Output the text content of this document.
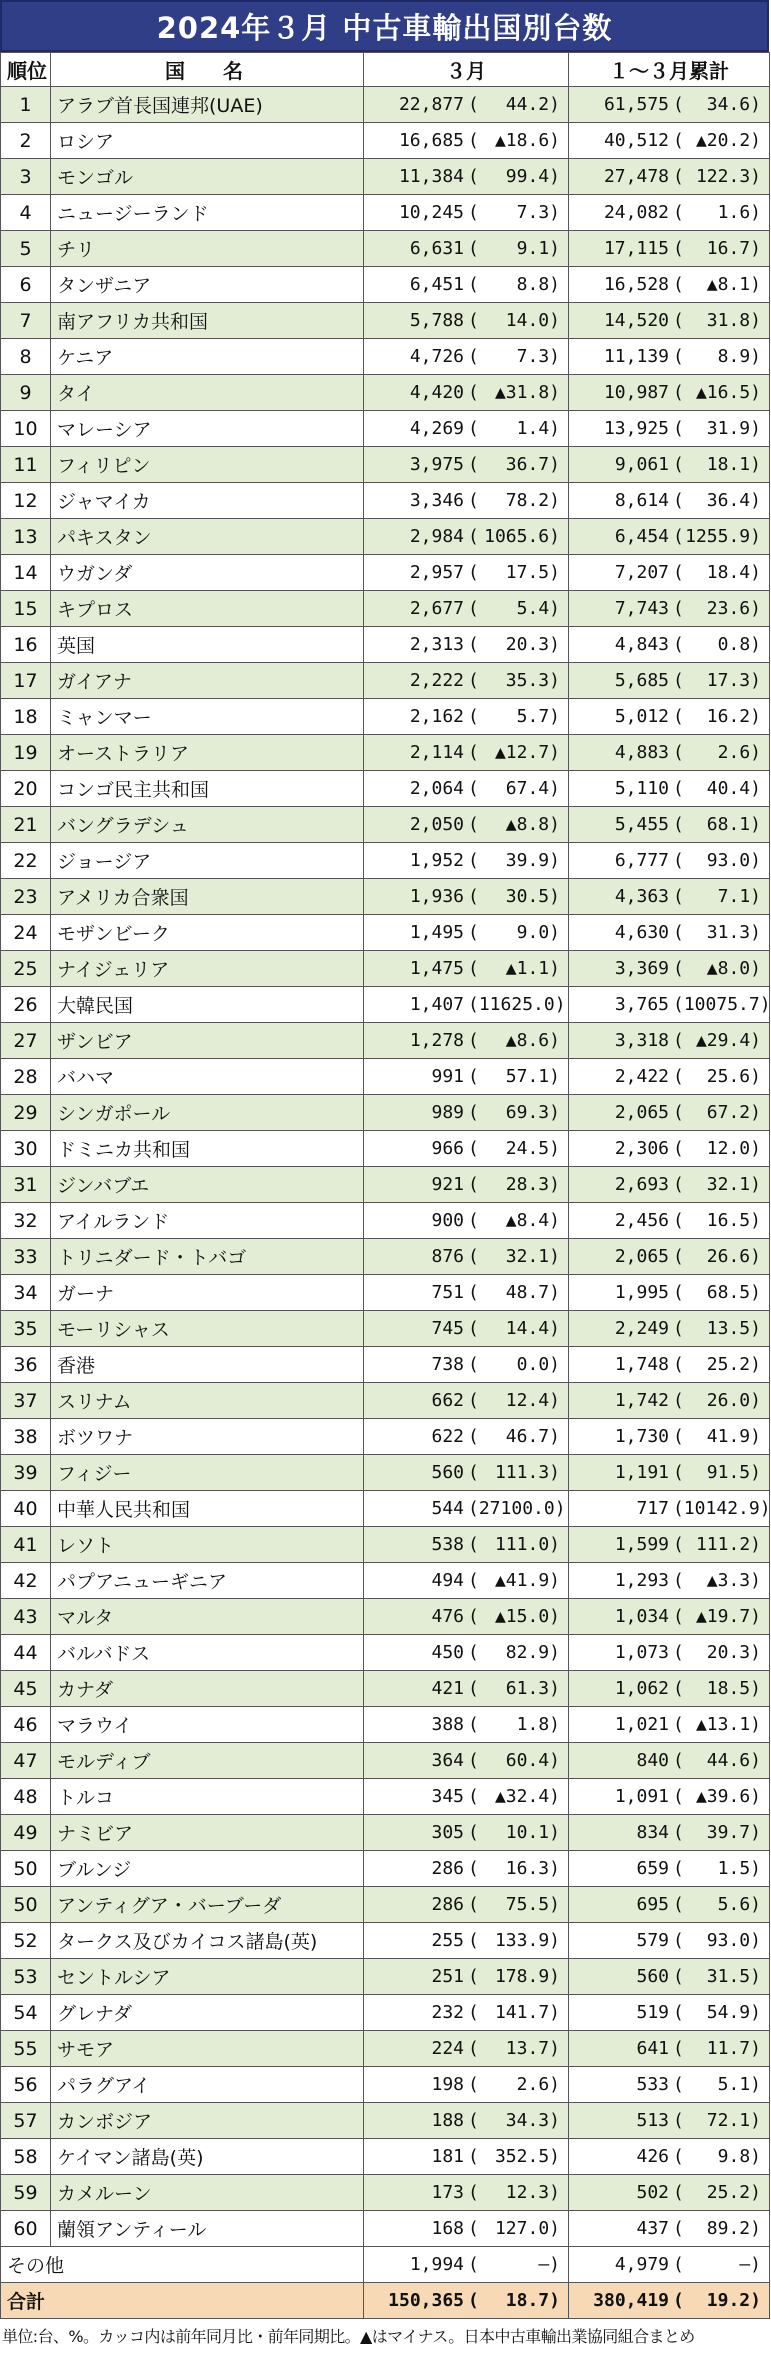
2024年３月 中古車輸出国別台数
順位	国名	３月	１～３月累計
1	アラブ首長国連邦(UAE)	22,877 ( 44.2 )	61,575 ( 34.6 )

2	ロシア	16,685 ( ▲18.6 )	40,512 ( ▲20.2 )

3	モンゴル	11,384 ( 99.4 )	27,478 ( 122.3 )

4	ニュージーランド	10,245 ( 7.3 )	24,082 ( 1.6 )

5	チリ	6,631 ( 9.1 )	17,115 ( 16.7 )

6	タンザニア	6,451 ( 8.8 )	16,528 ( ▲8.1 )

7	南アフリカ共和国	5,788 ( 14.0 )	14,520 ( 31.8 )

8	ケニア	4,726 ( 7.3 )	11,139 ( 8.9 )

9	タイ	4,420 ( ▲31.8 )	10,987 ( ▲16.5 )

10	マレーシア	4,269 ( 1.4 )	13,925 ( 31.9 )

11	フィリピン	3,975 ( 36.7 )	9,061 ( 18.1 )

12	ジャマイカ	3,346 ( 78.2 )	8,614 ( 36.4 )

13	パキスタン	2,984 ( 1065.6 )	6,454 ( 1255.9 )

14	ウガンダ	2,957 ( 17.5 )	7,207 ( 18.4 )

15	キプロス	2,677 ( 5.4 )	7,743 ( 23.6 )

16	英国	2,313 ( 20.3 )	4,843 ( 0.8 )

17	ガイアナ	2,222 ( 35.3 )	5,685 ( 17.3 )

18	ミャンマー	2,162 ( 5.7 )	5,012 ( 16.2 )

19	オーストラリア	2,114 ( ▲12.7 )	4,883 ( 2.6 )

20	コンゴ民主共和国	2,064 ( 67.4 )	5,110 ( 40.4 )

21	バングラデシュ	2,050 ( ▲8.8 )	5,455 ( 68.1 )

22	ジョージア	1,952 ( 39.9 )	6,777 ( 93.0 )

23	アメリカ合衆国	1,936 ( 30.5 )	4,363 ( 7.1 )

24	モザンビーク	1,495 ( 9.0 )	4,630 ( 31.3 )

25	ナイジェリア	1,475 ( ▲1.1 )	3,369 ( ▲8.0 )

26	大韓民国	1,407 ( 11625.0 )	3,765 ( 10075.7 )

27	ザンビア	1,278 ( ▲8.6 )	3,318 ( ▲29.4 )

28	バハマ	991 ( 57.1 )	2,422 ( 25.6 )

29	シンガポール	989 ( 69.3 )	2,065 ( 67.2 )

30	ドミニカ共和国	966 ( 24.5 )	2,306 ( 12.0 )

31	ジンバブエ	921 ( 28.3 )	2,693 ( 32.1 )

32	アイルランド	900 ( ▲8.4 )	2,456 ( 16.5 )

33	トリニダード・トバゴ	876 ( 32.1 )	2,065 ( 26.6 )

34	ガーナ	751 ( 48.7 )	1,995 ( 68.5 )

35	モーリシャス	745 ( 14.4 )	2,249 ( 13.5 )

36	香港	738 ( 0.0 )	1,748 ( 25.2 )

37	スリナム	662 ( 12.4 )	1,742 ( 26.0 )

38	ボツワナ	622 ( 46.7 )	1,730 ( 41.9 )

39	フィジー	560 ( 111.3 )	1,191 ( 91.5 )

40	中華人民共和国	544 ( 27100.0 )	717 ( 10142.9 )

41	レソト	538 ( 111.0 )	1,599 ( 111.2 )

42	パプアニューギニア	494 ( ▲41.9 )	1,293 ( ▲3.3 )

43	マルタ	476 ( ▲15.0 )	1,034 ( ▲19.7 )

44	バルバドス	450 ( 82.9 )	1,073 ( 20.3 )

45	カナダ	421 ( 61.3 )	1,062 ( 18.5 )

46	マラウイ	388 ( 1.8 )	1,021 ( ▲13.1 )

47	モルディブ	364 ( 60.4 )	840 ( 44.6 )

48	トルコ	345 ( ▲32.4 )	1,091 ( ▲39.6 )

49	ナミビア	305 ( 10.1 )	834 ( 39.7 )

50	ブルンジ	286 ( 16.3 )	659 ( 1.5 )

50	アンティグア・バーブーダ	286 ( 75.5 )	695 ( 5.6 )

52	タークス及びカイコス諸島(英)	255 ( 133.9 )	579 ( 93.0 )

53	セントルシア	251 ( 178.9 )	560 ( 31.5 )

54	グレナダ	232 ( 141.7 )	519 ( 54.9 )

55	サモア	224 ( 13.7 )	641 ( 11.7 )

56	パラグアイ	198 ( 2.6 )	533 ( 5.1 )

57	カンボジア	188 ( 34.3 )	513 ( 72.1 )

58	ケイマン諸島(英)	181 ( 352.5 )	426 ( 9.8 )

59	カメルーン	173 ( 12.3 )	502 ( 25.2 )

60	蘭領アンティール	168 ( 127.0 )	437 ( 89.2 )

その他		1,994 ( ― )	4,979 ( ― )

合計		150,365 ( 18.7 )	380,419 ( 19.2 )
単位:台、%。カッコ内は前年同月比・前年同期比。▲はマイナス。日本中古車輸出業協同組合まとめ
